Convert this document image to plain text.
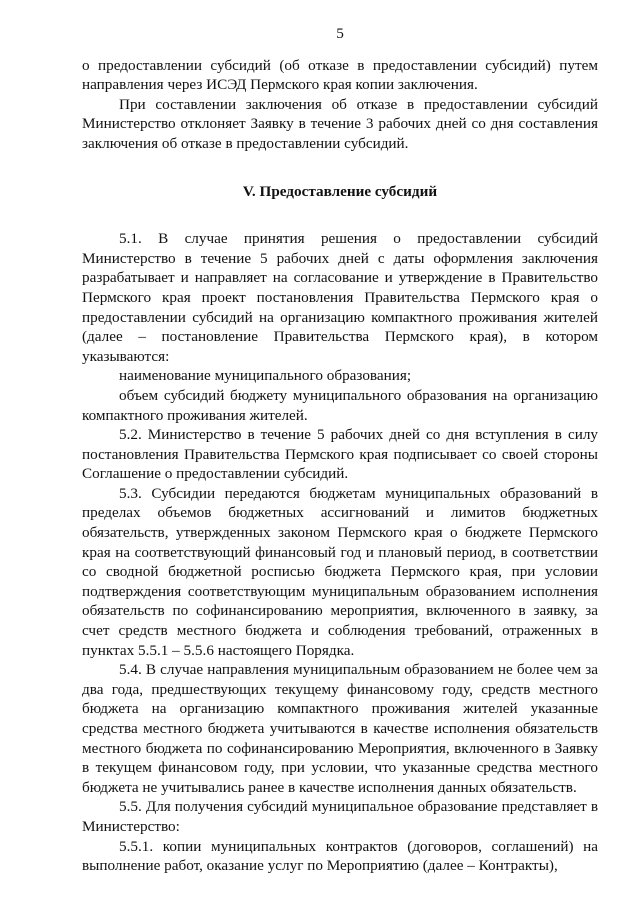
5

о предоставлении субсидий (об отказе в предоставлении субсидий) путем направления через ИСЭД Пермского края копии заключения.

При составлении заключения об отказе в предоставлении субсидий Министерство отклоняет Заявку в течение 3 рабочих дней со дня составления заключения об отказе в предоставлении субсидий.

V. Предоставление субсидий

5.1. В случае принятия решения о предоставлении субсидий Министерство в течение 5 рабочих дней с даты оформления заключения разрабатывает и направляет на согласование и утверждение в Правительство Пермского края проект постановления Правительства Пермского края о предоставлении субсидий на организацию компактного проживания жителей (далее – постановление Правительства Пермского края), в котором указываются:

наименование муниципального образования;

объем субсидий бюджету муниципального образования на организацию компактного проживания жителей.

5.2. Министерство в течение 5 рабочих дней со дня вступления в силу постановления Правительства Пермского края подписывает со своей стороны Соглашение о предоставлении субсидий.

5.3. Субсидии передаются бюджетам муниципальных образований в пределах объемов бюджетных ассигнований и лимитов бюджетных обязательств, утвержденных законом Пермского края о бюджете Пермского края на соответствующий финансовый год и плановый период, в соответствии со сводной бюджетной росписью бюджета Пермского края, при условии подтверждения соответствующим муниципальным образованием исполнения обязательств по софинансированию мероприятия, включенного в заявку, за счет средств местного бюджета и соблюдения требований, отраженных в пунктах 5.5.1 – 5.5.6 настоящего Порядка.

5.4. В случае направления муниципальным образованием не более чем за два года, предшествующих текущему финансовому году, средств местного бюджета на организацию компактного проживания жителей указанные средства местного бюджета учитываются в качестве исполнения обязательств местного бюджета по софинансированию Мероприятия, включенного в Заявку в текущем финансовом году, при условии, что указанные средства местного бюджета не учитывались ранее в качестве исполнения данных обязательств.

5.5. Для получения субсидий муниципальное образование представляет в Министерство:

5.5.1. копии муниципальных контрактов (договоров, соглашений) на выполнение работ, оказание услуг по Мероприятию (далее – Контракты),
